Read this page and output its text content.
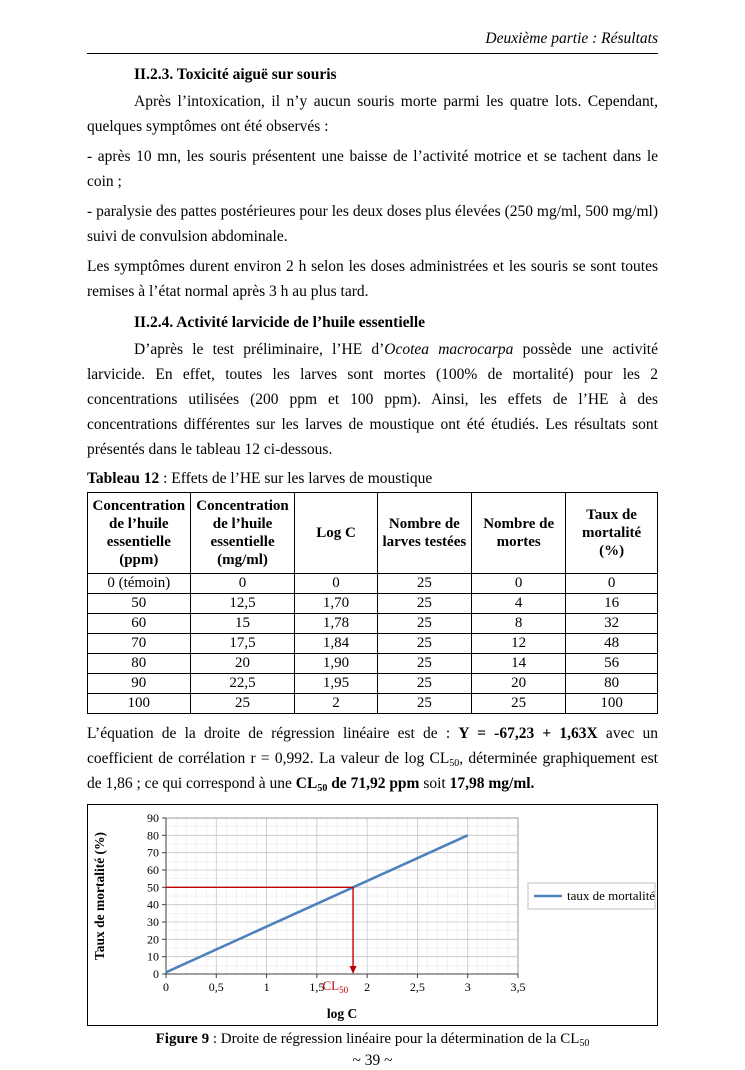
Deuxième partie : Résultats
II.2.3. Toxicité aiguë sur souris

Après l’intoxication, il n’y aucun souris morte parmi les quatre lots. Cependant, quelques symptômes ont été observés :

- après 10 mn, les souris présentent une baisse de l’activité motrice et se tachent dans le coin ;

- paralysie des pattes postérieures pour les deux doses plus élevées (250 mg/ml, 500 mg/ml) suivi de convulsion abdominale.

Les symptômes durent environ 2 h selon les doses administrées et les souris se sont toutes remises à l’état normal après 3 h au plus tard.

II.2.4. Activité larvicide de l’huile essentielle

D’après le test préliminaire, l’HE d’Ocotea macrocarpa possède une activité larvicide. En effet, toutes les larves sont mortes (100% de mortalité) pour les 2 concentrations utilisées (200 ppm et 100 ppm). Ainsi, les effets de l’HE à des concentrations différentes sur les larves de moustique ont été étudiés. Les résultats sont présentés dans le tableau 12 ci-dessous.

Tableau 12 : Effets de l’HE sur les larves de moustique

Concentration de l’huile essentielle (ppm)	Concentration de l’huile essentielle (mg/ml)	Log C	Nombre de larves testées	Nombre de mortes	Taux de mortalité (%)
0 (témoin)	0	0	25	0	0
50	12,5	1,70	25	4	16
60	15	1,78	25	8	32
70	17,5	1,84	25	12	48
80	20	1,90	25	14	56
90	22,5	1,95	25	20	80
100	25	2	25	25	100

L’équation de la droite de régression linéaire est de : Y = -67,23 + 1,63X avec un coefficient de corrélation r = 0,992. La valeur de $\log CL_{50}$, déterminée graphiquement est de 1,86 ; ce qui correspond à une $CL_{50}$ de 71,92 ppm soit 17,98 mg/ml.

0
10
20
30
40
50
60
70
80
90
0	0,5	1	1,5	2	2,5	3	3,5
$CL_{50}$
log C
Taux de mortalité (%)	taux de mortalité

Figure 9 : Droite de régression linéaire pour la détermination de la $CL_{50}$

~ 39 ~
